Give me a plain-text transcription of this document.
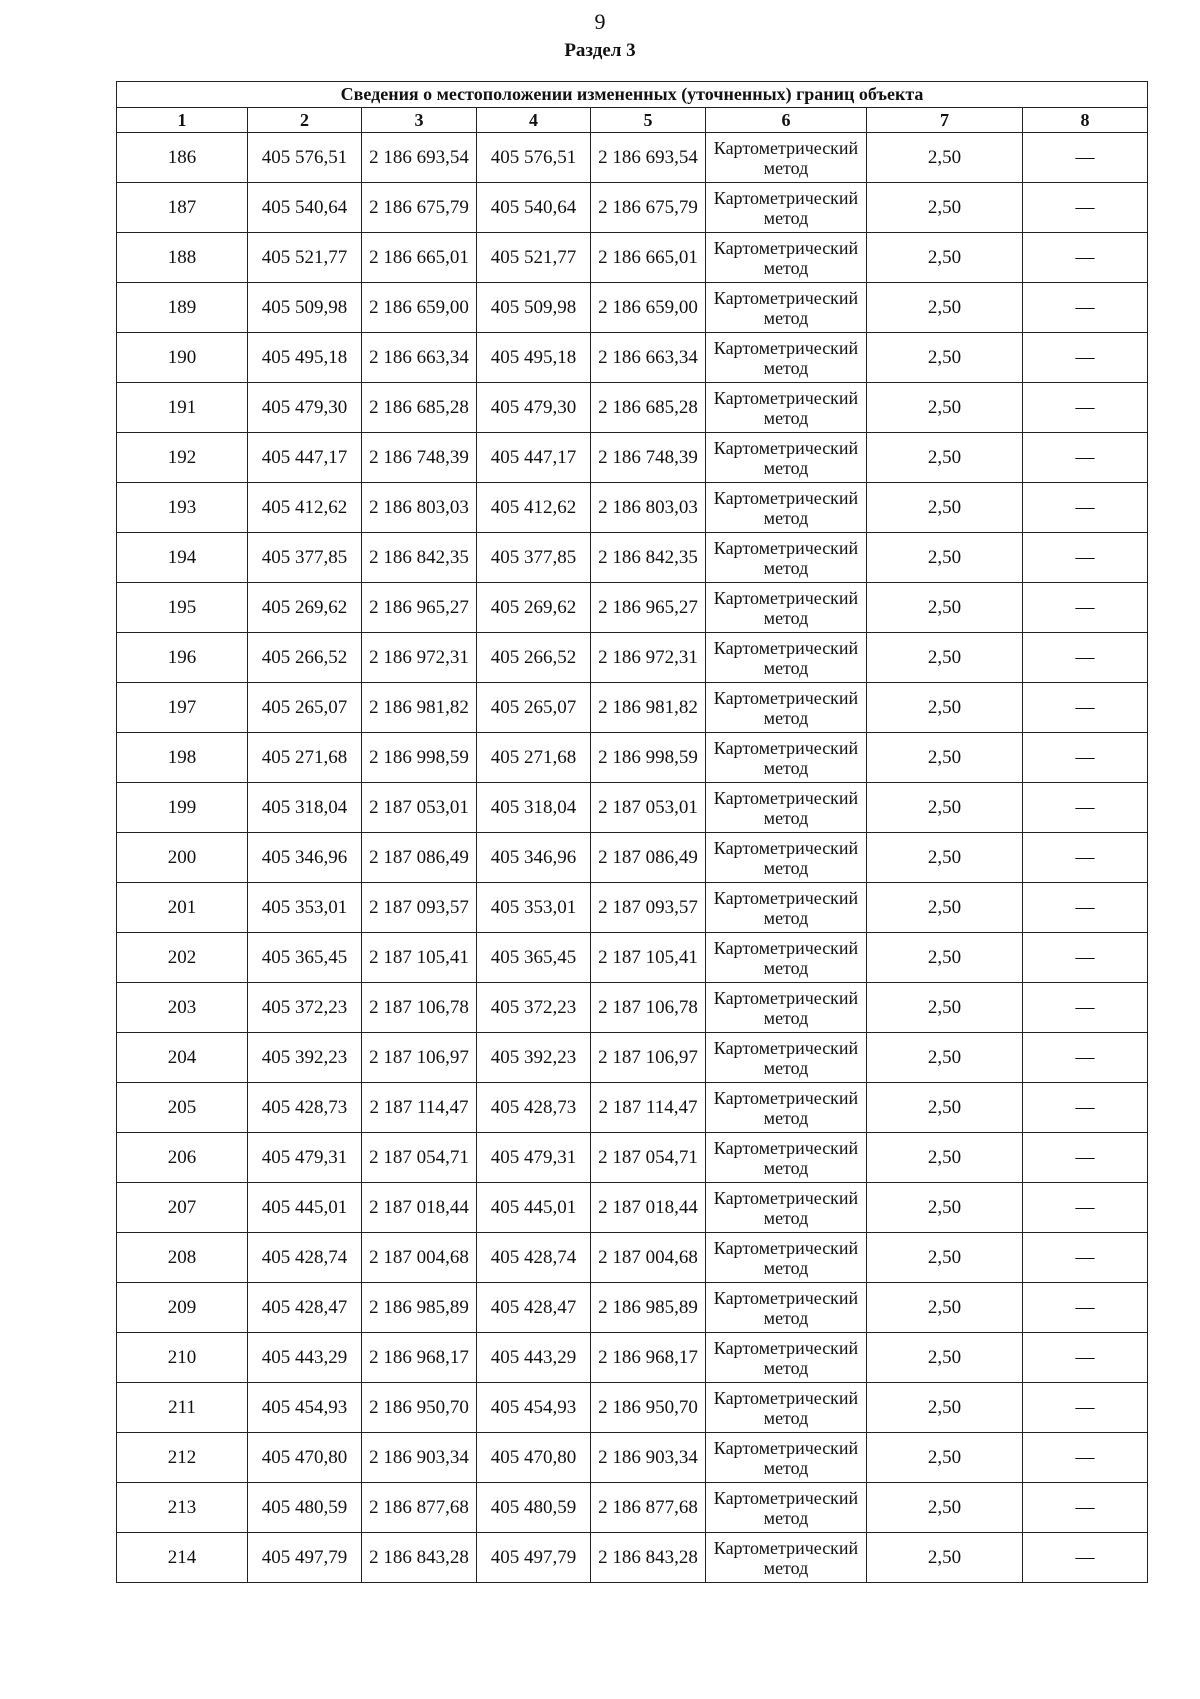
9
Раздел 3
Сведения о местоположении измененных (уточненных) границ объекта							
1	2	3	4	5	6	7	8
186	405 576,51	2 186 693,54	405 576,51	2 186 693,54	Картометрический метод	2,50	—
187	405 540,64	2 186 675,79	405 540,64	2 186 675,79	Картометрический метод	2,50	—
188	405 521,77	2 186 665,01	405 521,77	2 186 665,01	Картометрический метод	2,50	—
189	405 509,98	2 186 659,00	405 509,98	2 186 659,00	Картометрический метод	2,50	—
190	405 495,18	2 186 663,34	405 495,18	2 186 663,34	Картометрический метод	2,50	—
191	405 479,30	2 186 685,28	405 479,30	2 186 685,28	Картометрический метод	2,50	—
192	405 447,17	2 186 748,39	405 447,17	2 186 748,39	Картометрический метод	2,50	—
193	405 412,62	2 186 803,03	405 412,62	2 186 803,03	Картометрический метод	2,50	—
194	405 377,85	2 186 842,35	405 377,85	2 186 842,35	Картометрический метод	2,50	—
195	405 269,62	2 186 965,27	405 269,62	2 186 965,27	Картометрический метод	2,50	—
196	405 266,52	2 186 972,31	405 266,52	2 186 972,31	Картометрический метод	2,50	—
197	405 265,07	2 186 981,82	405 265,07	2 186 981,82	Картометрический метод	2,50	—
198	405 271,68	2 186 998,59	405 271,68	2 186 998,59	Картометрический метод	2,50	—
199	405 318,04	2 187 053,01	405 318,04	2 187 053,01	Картометрический метод	2,50	—
200	405 346,96	2 187 086,49	405 346,96	2 187 086,49	Картометрический метод	2,50	—
201	405 353,01	2 187 093,57	405 353,01	2 187 093,57	Картометрический метод	2,50	—
202	405 365,45	2 187 105,41	405 365,45	2 187 105,41	Картометрический метод	2,50	—
203	405 372,23	2 187 106,78	405 372,23	2 187 106,78	Картометрический метод	2,50	—
204	405 392,23	2 187 106,97	405 392,23	2 187 106,97	Картометрический метод	2,50	—
205	405 428,73	2 187 114,47	405 428,73	2 187 114,47	Картометрический метод	2,50	—
206	405 479,31	2 187 054,71	405 479,31	2 187 054,71	Картометрический метод	2,50	—
207	405 445,01	2 187 018,44	405 445,01	2 187 018,44	Картометрический метод	2,50	—
208	405 428,74	2 187 004,68	405 428,74	2 187 004,68	Картометрический метод	2,50	—
209	405 428,47	2 186 985,89	405 428,47	2 186 985,89	Картометрический метод	2,50	—
210	405 443,29	2 186 968,17	405 443,29	2 186 968,17	Картометрический метод	2,50	—
211	405 454,93	2 186 950,70	405 454,93	2 186 950,70	Картометрический метод	2,50	—
212	405 470,80	2 186 903,34	405 470,80	2 186 903,34	Картометрический метод	2,50	—
213	405 480,59	2 186 877,68	405 480,59	2 186 877,68	Картометрический метод	2,50	—
214	405 497,79	2 186 843,28	405 497,79	2 186 843,28	Картометрический метод	2,50	—
